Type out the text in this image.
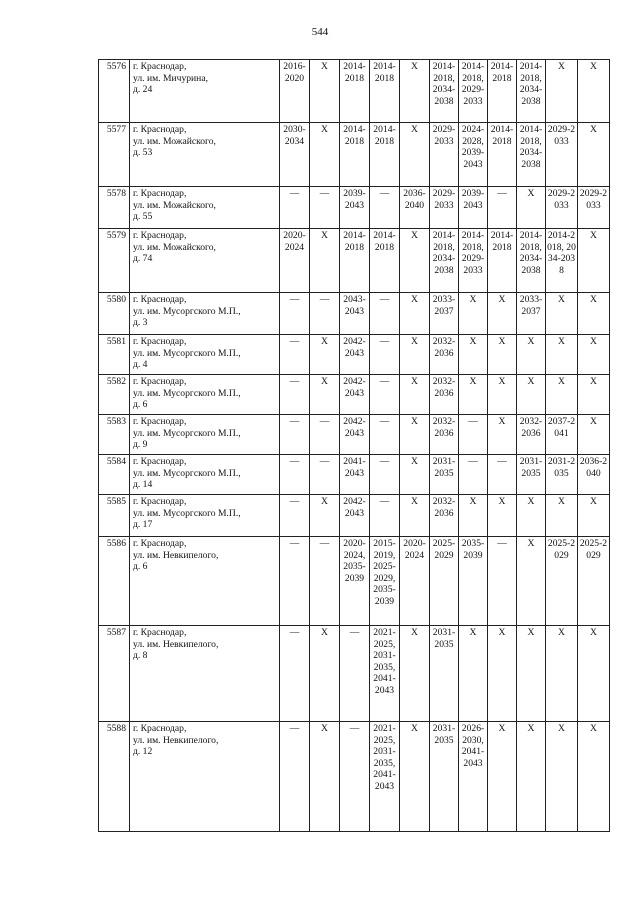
544
5576	г. Краснодар,
ул. им. Мичурина,
д. 24	2016-2020	Х	2014-2018	2014-2018	Х	2014-2018, 2034-2038	2014-2018, 2029-2033	2014-2018	2014-2018, 2034-2038	Х	Х
5577	г. Краснодар,
ул. им. Можайского,
д. 53	2030-2034	Х	2014-2018	2014-2018	Х	2029-2033	2024-2028, 2039-2043	2014-2018	2014-2018, 2034-2038	2029-2033	Х
5578	г. Краснодар,
ул. им. Можайского,
д. 55	—	—	2039-2043	—	2036-2040	2029-2033	2039-2043	—	Х	2029-2033	2029-2033
5579	г. Краснодар,
ул. им. Можайского,
д. 74	2020-2024	Х	2014-2018	2014-2018	Х	2014-2018, 2034-2038	2014-2018, 2029-2033	2014-2018	2014-2018, 2034-2038	2014-2018, 2034-2038	Х
5580	г. Краснодар,
ул. им. Мусоргского М.П.,
д. 3	—	—	2043-2043	—	Х	2033-2037	Х	Х	2033-2037	Х	Х
5581	г. Краснодар,
ул. им. Мусоргского М.П.,
д. 4	—	Х	2042-2043	—	Х	2032-2036	Х	Х	Х	Х	Х
5582	г. Краснодар,
ул. им. Мусоргского М.П.,
д. 6	—	Х	2042-2043	—	Х	2032-2036	Х	Х	Х	Х	Х
5583	г. Краснодар,
ул. им. Мусоргского М.П.,
д. 9	—	—	2042-2043	—	Х	2032-2036	—	Х	2032-2036	2037-2041	Х
5584	г. Краснодар,
ул. им. Мусоргского М.П.,
д. 14	—	—	2041-2043	—	Х	2031-2035	—	—	2031-2035	2031-2035	2036-2040
5585	г. Краснодар,
ул. им. Мусоргского М.П.,
д. 17	—	Х	2042-2043	—	Х	2032-2036	Х	Х	Х	Х	Х
5586	г. Краснодар,
ул. им. Невкипелого,
д. 6	—	—	2020-2024, 2035-2039	2015-2019, 2025-2029, 2035-2039	2020-2024	2025-2029	2035-2039	—	Х	2025-2029	2025-2029
5587	г. Краснодар,
ул. им. Невкипелого,
д. 8	—	Х	—	2021-2025, 2031-2035, 2041-2043	Х	2031-2035	Х	Х	Х	Х	Х
5588	г. Краснодар,
ул. им. Невкипелого,
д. 12	—	Х	—	2021-2025, 2031-2035, 2041-2043	Х	2031-2035	2026-2030, 2041-2043	Х	Х	Х	Х
